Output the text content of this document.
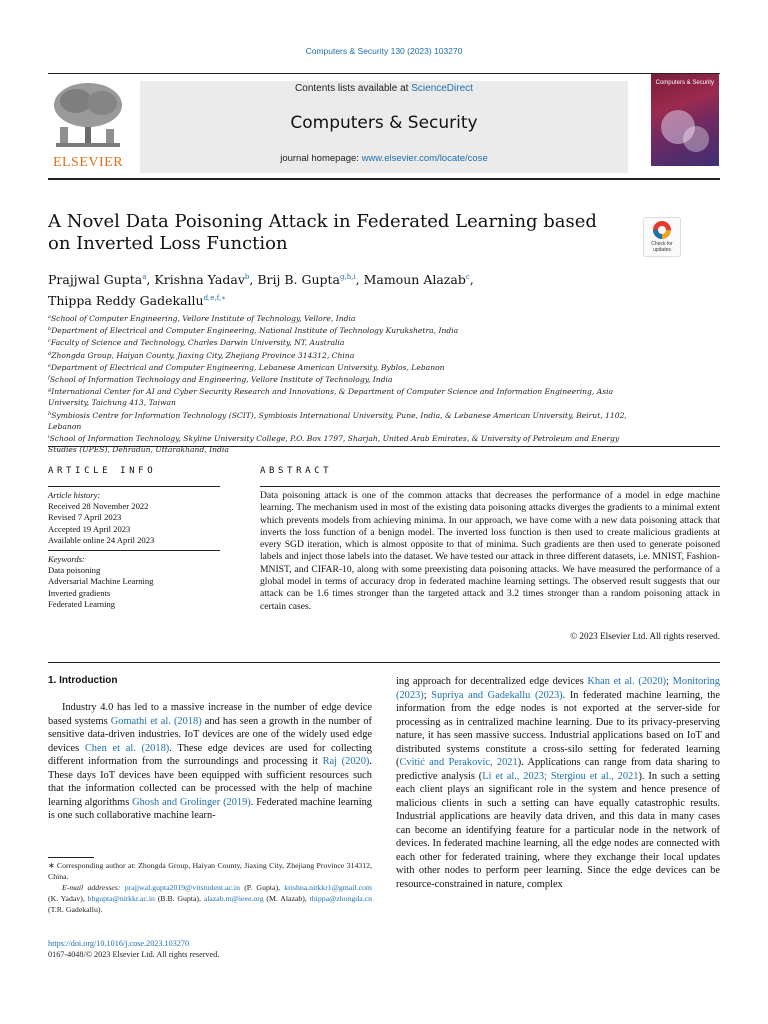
Computers & Security 130 (2023) 103270
ELSEVIER
Contents lists available at ScienceDirect
Computers & Security
journal homepage: www.elsevier.com/locate/cose
Computers & Security
A Novel Data Poisoning Attack in Federated Learning based on Inverted Loss Function	Check for updates
Prajjwal Gupta$^a$, Krishna Yadav$^b$, Brij B. Gupta$^{g,h,i}$, Mamoun Alazab$^c$,
Thippa Reddy Gadekallu$^{d,e,f,∗}$
$^a$School of Computer Engineering, Vellore Institute of Technology, Vellore, India
$^b$Department of Electrical and Computer Engineering, National Institute of Technology Kurukshetra, India
$^c$Faculty of Science and Technology, Charles Darwin University, NT, Australia
$^d$Zhongda Group, Haiyan County, Jiaxing City, Zhejiang Province 314312, China
$^e$Department of Electrical and Computer Engineering, Lebanese American University, Byblos, Lebanon
$^f$School of Information Technology and Engineering, Vellore Institute of Technology, India
$^g$International Center for AI and Cyber Security Research and Innovations, & Department of Computer Science and Information Engineering, Asia University, Taichung 413, Taiwan
$^h$Symbiosis Centre for Information Technology (SCIT), Symbiosis International University, Pune, India, & Lebanese American University, Beirut, 1102, Lebanon
$^i$School of Information Technology, Skyline University College, P.O. Box 1797, Sharjah, United Arab Emirates, & University of Petroleum and Energy Studies (UPES), Dehradun, Uttarakhand, India
ARTICLE INFO	ABSTRACT
Article history:
Received 28 November 2022
Revised 7 April 2023
Accepted 19 April 2023
Available online 24 April 2023
Keywords:
Data poisoning
Adversarial Machine Learning
Inverted gradients
Federated Learning
Data poisoning attack is one of the common attacks that decreases the performance of a model in edge machine learning. The mechanism used in most of the existing data poisoning attacks diverges the gradients to a minimal extent which prevents models from achieving minima. In our approach, we have come with a new data poisoning attack that inverts the loss function of a benign model. The inverted loss function is then used to create malicious gradients at every SGD iteration, which is almost opposite to that of minima. Such gradients are then used to generate poisoned labels and inject those labels into the dataset. We have tested our attack in three different datasets, i.e. MNIST, Fashion-MNIST, and CIFAR-10, along with some preexisting data poisoning attacks. We have measured the performance of a global model in terms of accuracy drop in federated machine learning settings. The observed result suggests that our attack can be 1.6 times stronger than the targeted attack and 3.2 times stronger than a random poisoning attack in certain cases.
© 2023 Elsevier Ltd. All rights reserved.
1. Introduction
Industry 4.0 has led to a massive increase in the number of edge device based systems Gomathi et al. (2018) and has seen a growth in the number of sensitive data-driven industries. IoT devices are one of the widely used edge devices Chen et al. (2018). These edge devices are used for collecting different information from the surroundings and processing it Raj (2020). These days IoT devices have been equipped with sufficient resources such that the information collected can be processed with the help of machine learning algorithms Ghosh and Grolinger (2019). Federated machine learning is one such collaborative machine learn-
ing approach for decentralized edge devices Khan et al. (2020); Monitoring (2023); Supriya and Gadekallu (2023). In federated machine learning, the information from the edge nodes is not exported at the server-side for processing as in centralized machine learning. Due to its privacy-preserving nature, it has seen massive success. Industrial applications based on IoT and distributed systems constitute a cross-silo setting for federated learning (Cvitić and Perakovic, 2021). Applications can range from data sharing to predictive analysis (Li et al., 2023; Stergiou et al., 2021). In such a setting each client plays an significant role in the system and hence presence of malicious clients in such a setting can have equally catastrophic results. Industrial applications are heavily data driven, and this data in many cases can become an identifying feature for a particular node in the network of devices. In federated machine learning, all the edge nodes are connected with each other for federated training, where they exchange their local updates with other nodes to perform peer learning. Since the edge devices can be resource-constrained in nature, complex
∗ Corresponding author at: Zhongda Group, Haiyan County, Jiaxing City, Zhejiang Province 314312, China.
E-mail addresses: prajjwal.gupta2019@vitstudent.ac.in (P. Gupta), krishna.nitkkr1@gmail.com (K. Yadav), bbgupta@nitkkr.ac.in (B.B. Gupta), alazab.m@ieee.org (M. Alazab), thippa@zhongda.cn (T.R. Gadekallu).
https://doi.org/10.1016/j.cose.2023.103270
0167-4048/© 2023 Elsevier Ltd. All rights reserved.
